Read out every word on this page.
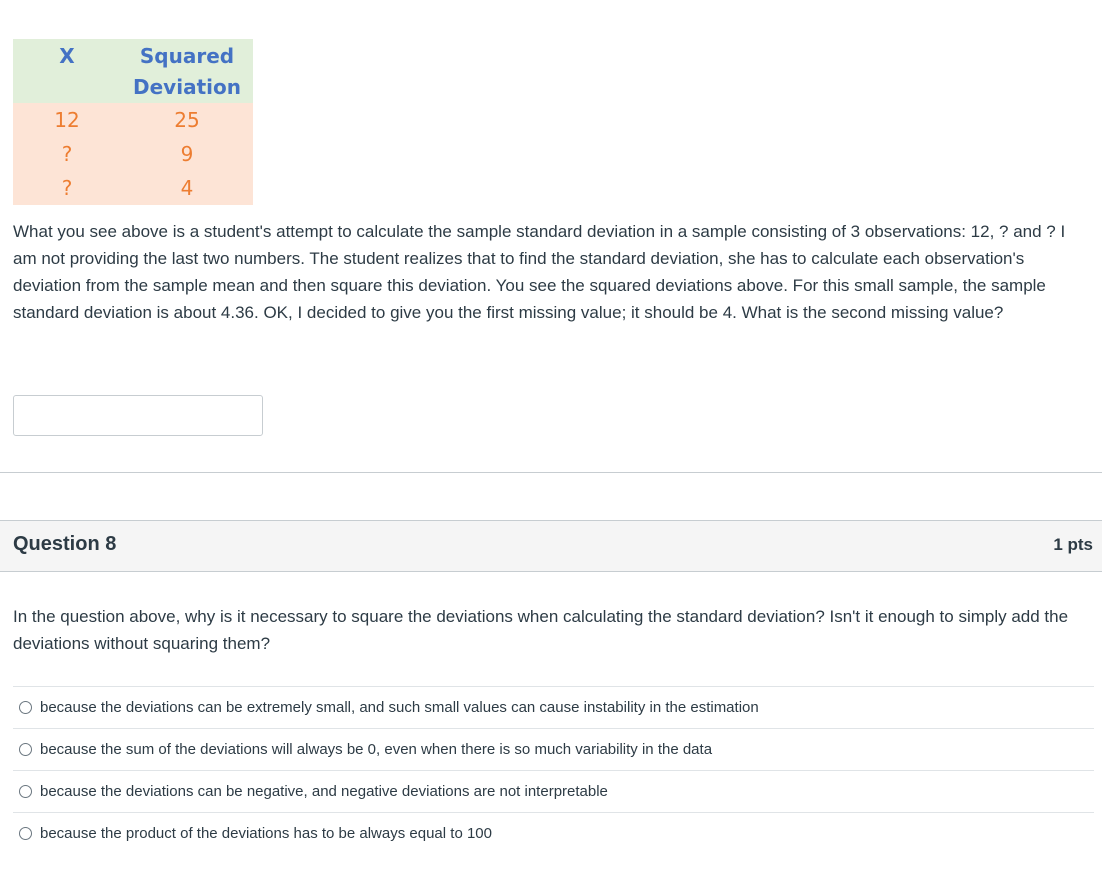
X	Squared
Deviation
12	25
?	9
?	4
What you see above is a student's attempt to calculate the sample standard deviation in a sample consisting of 3 observations: 12, ? and ? I am not providing the last two numbers. The student realizes that to find the standard deviation, she has to calculate each observation's deviation from the sample mean and then square this deviation. You see the squared deviations above. For this small sample, the sample standard deviation is about 4.36. OK, I decided to give you the first missing value; it should be 4. What is the second missing value?
Question 8	1 pts
In the question above, why is it necessary to square the deviations when calculating the standard deviation? Isn't it enough to simply add the deviations without squaring them?
because the deviations can be extremely small, and such small values can cause instability in the estimation
because the sum of the deviations will always be 0, even when there is so much variability in the data
because the deviations can be negative, and negative deviations are not interpretable
because the product of the deviations has to be always equal to 100
